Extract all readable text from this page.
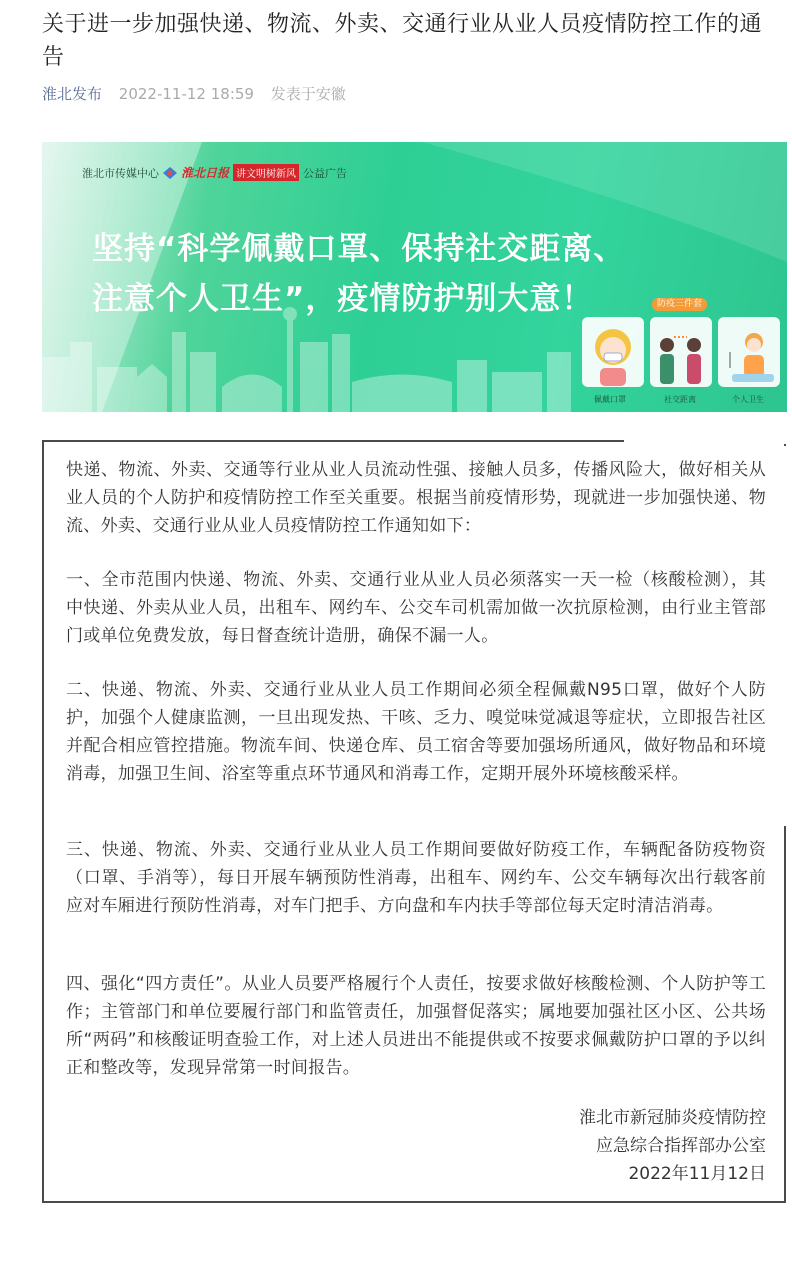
关于进一步加强快递、物流、外卖、交通行业从业人员疫情防控工作的通告
淮北发布 2022-11-12 18:59 发表于安徽
淮北市传媒中心 淮北日报 讲文明树新风 公益广告
坚持“科学佩戴口罩、保持社交距离、
注意个人卫生”，疫情防护别大意！	防疫三件套
佩戴口罩	社交距离	个人卫生

快递、物流、外卖、交通等行业从业人员流动性强、接触人员多，传播风险大，做好相关从业人员的个人防护和疫情防控工作至关重要。根据当前疫情形势，现就进一步加强快递、物流、外卖、交通行业从业人员疫情防控工作通知如下：

一、全市范围内快递、物流、外卖、交通行业从业人员必须落实一天一检（核酸检测），其中快递、外卖从业人员，出租车、网约车、公交车司机需加做一次抗原检测，由行业主管部门或单位免费发放，每日督查统计造册，确保不漏一人。

二、快递、物流、外卖、交通行业从业人员工作期间必须全程佩戴N95口罩，做好个人防护，加强个人健康监测，一旦出现发热、干咳、乏力、嗅觉味觉减退等症状，立即报告社区并配合相应管控措施。物流车间、快递仓库、员工宿舍等要加强场所通风，做好物品和环境消毒，加强卫生间、浴室等重点环节通风和消毒工作，定期开展外环境核酸采样。

三、快递、物流、外卖、交通行业从业人员工作期间要做好防疫工作，车辆配备防疫物资（口罩、手消等），每日开展车辆预防性消毒，出租车、网约车、公交车辆每次出行载客前应对车厢进行预防性消毒，对车门把手、方向盘和车内扶手等部位每天定时清洁消毒。

四、强化“四方责任”。从业人员要严格履行个人责任，按要求做好核酸检测、个人防护等工作；主管部门和单位要履行部门和监管责任，加强督促落实；属地要加强社区小区、公共场所“两码”和核酸证明查验工作，对上述人员进出不能提供或不按要求佩戴防护口罩的予以纠正和整改等，发现异常第一时间报告。

淮北市新冠肺炎疫情防控
应急综合指挥部办公室
2022年11月12日
